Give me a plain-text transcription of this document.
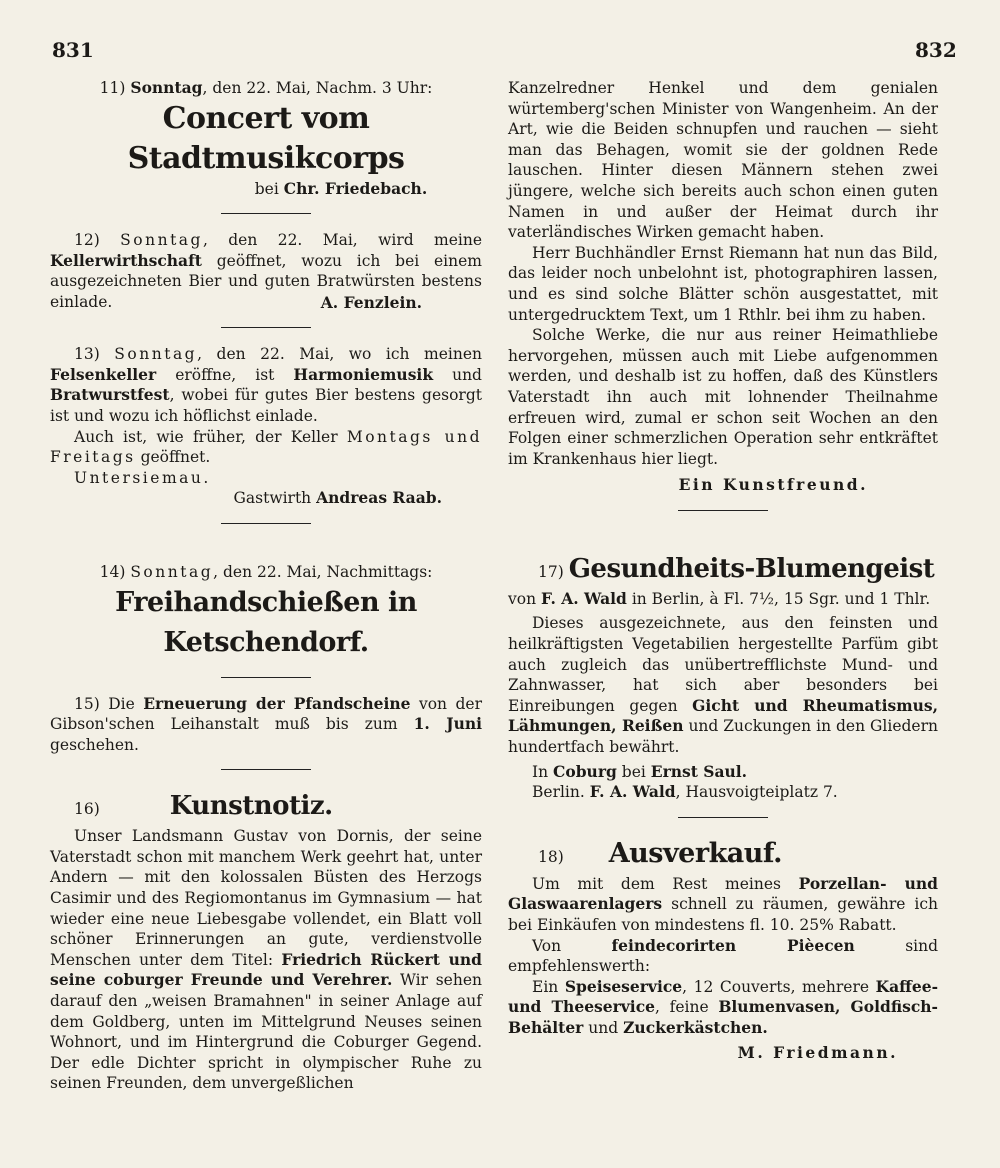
831	832

11) Sonntag, den 22. Mai, Nachm. 3 Uhr:

Concert vom Stadtmusikcorps

bei Chr. Friedebach.

12) Sonntag, den 22. Mai, wird meine Kellerwirthschaft geöffnet, wozu ich bei einem ausgezeichneten Bier und guten Bratwürsten bestens einlade.	A. Fenzlein.

13) Sonntag, den 22. Mai, wo ich meinen Felsenkeller eröffne, ist Harmoniemusik und Bratwurstfest, wobei für gutes Bier bestens gesorgt ist und wozu ich höflichst einlade.

Auch ist, wie früher, der Keller Montags und Freitags geöffnet.

Untersiemau.

Gastwirth Andreas Raab.

14) Sonntag, den 22. Mai, Nachmittags:

Freihandschießen in Ketschendorf.

15) Die Erneuerung der Pfandscheine von der Gibson'schen Leihanstalt muß bis zum 1. Juni geschehen.

16)	Kunstnotiz.

Unser Landsmann Gustav von Dornis, der seine Vaterstadt schon mit manchem Werk geehrt hat, unter Andern — mit den kolossalen Büsten des Herzogs Casimir und des Regiomontanus im Gymnasium — hat wieder eine neue Liebesgabe vollendet, ein Blatt voll schöner Erinnerungen an gute, verdienstvolle Menschen unter dem Titel: Friedrich Rückert und seine coburger Freunde und Verehrer. Wir sehen darauf den „weisen Bramahnen" in seiner Anlage auf dem Goldberg, unten im Mittelgrund Neuses seinen Wohnort, und im Hintergrund die Coburger Gegend. Der edle Dichter spricht in olympischer Ruhe zu seinen Freunden, dem unvergeßlichen

Kanzelredner Henkel und dem genialen würtemberg'schen Minister von Wangenheim. An der Art, wie die Beiden schnupfen und rauchen — sieht man das Behagen, womit sie der goldnen Rede lauschen. Hinter diesen Männern stehen zwei jüngere, welche sich bereits auch schon einen guten Namen in und außer der Heimat durch ihr vaterländisches Wirken gemacht haben.

Herr Buchhändler Ernst Riemann hat nun das Bild, das leider noch unbelohnt ist, photographiren lassen, und es sind solche Blätter schön ausgestattet, mit untergedrucktem Text, um 1 Rthlr. bei ihm zu haben.

Solche Werke, die nur aus reiner Heimathliebe hervorgehen, müssen auch mit Liebe aufgenommen werden, und deshalb ist zu hoffen, daß des Künstlers Vaterstadt ihn auch mit lohnender Theilnahme erfreuen wird, zumal er schon seit Wochen an den Folgen einer schmerzlichen Operation sehr entkräftet im Krankenhaus hier liegt.

Ein Kunstfreund.

17) Gesundheits-Blumengeist

von F. A. Wald in Berlin, à Fl. 7½, 15 Sgr. und 1 Thlr.

Dieses ausgezeichnete, aus den feinsten und heilkräftigsten Vegetabilien hergestellte Parfüm gibt auch zugleich das unübertrefflichste Mund- und Zahnwasser, hat sich aber besonders bei Einreibungen gegen Gicht und Rheumatismus, Lähmungen, Reißen und Zuckungen in den Gliedern hundertfach bewährt.

In Coburg bei Ernst Saul.

Berlin. F. A. Wald, Hausvoigteiplatz 7.

18) Ausverkauf.

Um mit dem Rest meines Porzellan- und Glaswaarenlagers schnell zu räumen, gewähre ich bei Einkäufen von mindestens fl. 10. 25% Rabatt.

Von feindecorirten Pièecen sind empfehlenswerth:

Ein Speiseservice, 12 Couverts, mehrere Kaffee- und Theeservice, feine Blumenvasen, Goldfisch-Behälter und Zuckerkästchen.

M. Friedmann.
